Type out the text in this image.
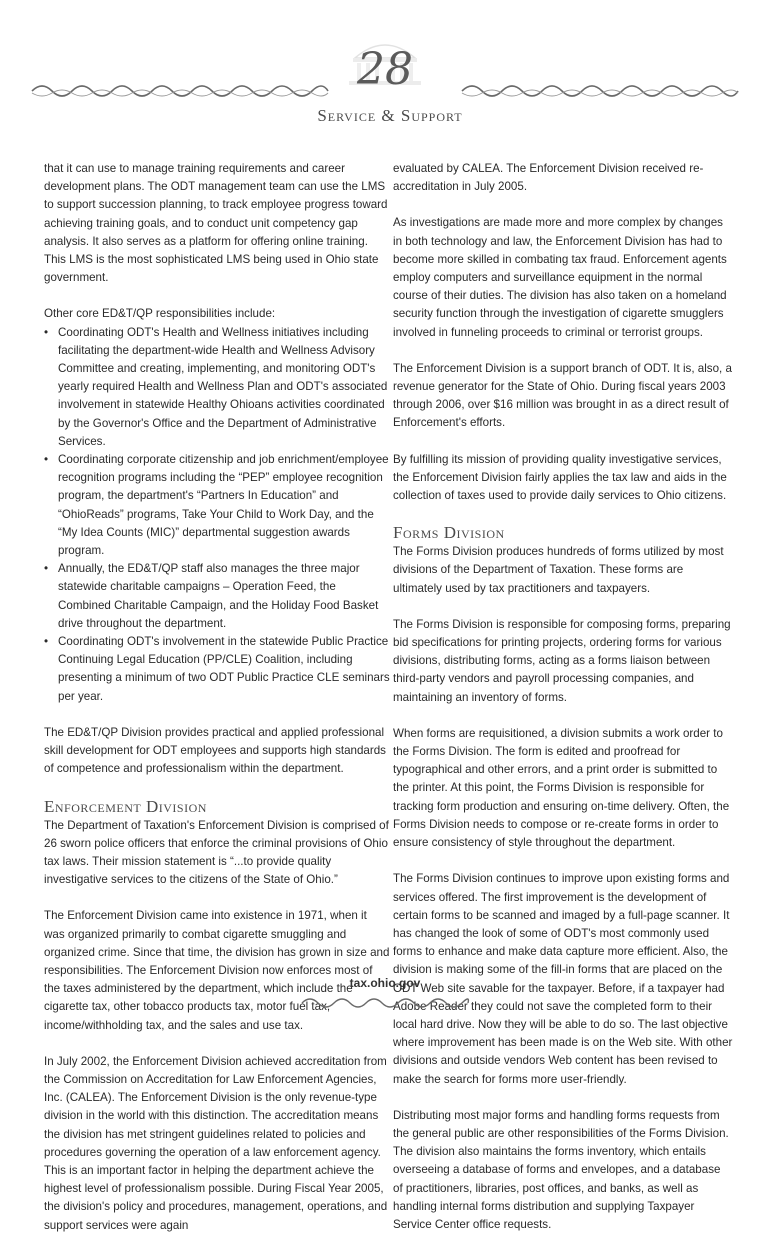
28
Service & Support

that it can use to manage training requirements and career development plans. The ODT management team can use the LMS to support succession planning, to track employee progress toward achieving training goals, and to conduct unit competency gap analysis. It also serves as a platform for offering online training. This LMS is the most sophisticated LMS being used in Ohio state government.

Other core ED&T/QP responsibilities include:

• Coordinating ODT's Health and Wellness initiatives including facilitating the department-wide Health and Wellness Advisory Committee and creating, implementing, and monitoring ODT's yearly required Health and Wellness Plan and ODT's associated involvement in statewide Healthy Ohioans activities coordinated by the Governor's Office and the Department of Administrative Services.
• Coordinating corporate citizenship and job enrichment/employee recognition programs including the “PEP” employee recognition program, the department's “Partners In Education” and “OhioReads” programs, Take Your Child to Work Day, and the “My Idea Counts (MIC)” departmental suggestion awards program.
• Annually, the ED&T/QP staff also manages the three major statewide charitable campaigns – Operation Feed, the Combined Charitable Campaign, and the Holiday Food Basket drive throughout the department.
• Coordinating ODT's involvement in the statewide Public Practice Continuing Legal Education (PP/CLE) Coalition, including presenting a minimum of two ODT Public Practice CLE seminars per year.

The ED&T/QP Division provides practical and applied professional skill development for ODT employees and supports high standards of competence and professionalism within the department.

Enforcement Division

The Department of Taxation's Enforcement Division is comprised of 26 sworn police officers that enforce the criminal provisions of Ohio tax laws. Their mission statement is “...to provide quality investigative services to the citizens of the State of Ohio.”

The Enforcement Division came into existence in 1971, when it was organized primarily to combat cigarette smuggling and organized crime. Since that time, the division has grown in size and responsibilities. The Enforcement Division now enforces most of the taxes administered by the department, which include the cigarette tax, other tobacco products tax, motor fuel tax, income/withholding tax, and the sales and use tax.

In July 2002, the Enforcement Division achieved accreditation from the Commission on Accreditation for Law Enforcement Agencies, Inc. (CALEA). The Enforcement Division is the only revenue-type division in the world with this distinction. The accreditation means the division has met stringent guidelines related to policies and procedures governing the operation of a law enforcement agency. This is an important factor in helping the department achieve the highest level of professionalism possible. During Fiscal Year 2005, the division's policy and procedures, management, operations, and support services were again

evaluated by CALEA. The Enforcement Division received re-accreditation in July 2005.

As investigations are made more and more complex by changes in both technology and law, the Enforcement Division has had to become more skilled in combating tax fraud. Enforcement agents employ computers and surveillance equipment in the normal course of their duties. The division has also taken on a homeland security function through the investigation of cigarette smugglers involved in funneling proceeds to criminal or terrorist groups.

The Enforcement Division is a support branch of ODT. It is, also, a revenue generator for the State of Ohio. During fiscal years 2003 through 2006, over $16 million was brought in as a direct result of Enforcement's efforts.

By fulfilling its mission of providing quality investigative services, the Enforcement Division fairly applies the tax law and aids in the collection of taxes used to provide daily services to Ohio citizens.

Forms Division

The Forms Division produces hundreds of forms utilized by most divisions of the Department of Taxation. These forms are ultimately used by tax practitioners and taxpayers.

The Forms Division is responsible for composing forms, preparing bid specifications for printing projects, ordering forms for various divisions, distributing forms, acting as a forms liaison between third-party vendors and payroll processing companies, and maintaining an inventory of forms.

When forms are requisitioned, a division submits a work order to the Forms Division. The form is edited and proofread for typographical and other errors, and a print order is submitted to the printer. At this point, the Forms Division is responsible for tracking form production and ensuring on-time delivery. Often, the Forms Division needs to compose or re-create forms in order to ensure consistency of style throughout the department.

The Forms Division continues to improve upon existing forms and services offered. The first improvement is the development of certain forms to be scanned and imaged by a full-page scanner. It has changed the look of some of ODT's most commonly used forms to enhance and make data capture more efficient. Also, the division is making some of the fill-in forms that are placed on the ODT Web site savable for the taxpayer. Before, if a taxpayer had Adobe Reader they could not save the completed form to their local hard drive. Now they will be able to do so. The last objective where improvement has been made is on the Web site. With other divisions and outside vendors Web content has been revised to make the search for forms more user-friendly.

Distributing most major forms and handling forms requests from the general public are other responsibilities of the Forms Division. The division also maintains the forms inventory, which entails overseeing a database of forms and envelopes, and a database of practitioners, libraries, post offices, and banks, as well as handling internal forms distribution and supplying Taxpayer Service Center office requests.

tax.ohio.gov
